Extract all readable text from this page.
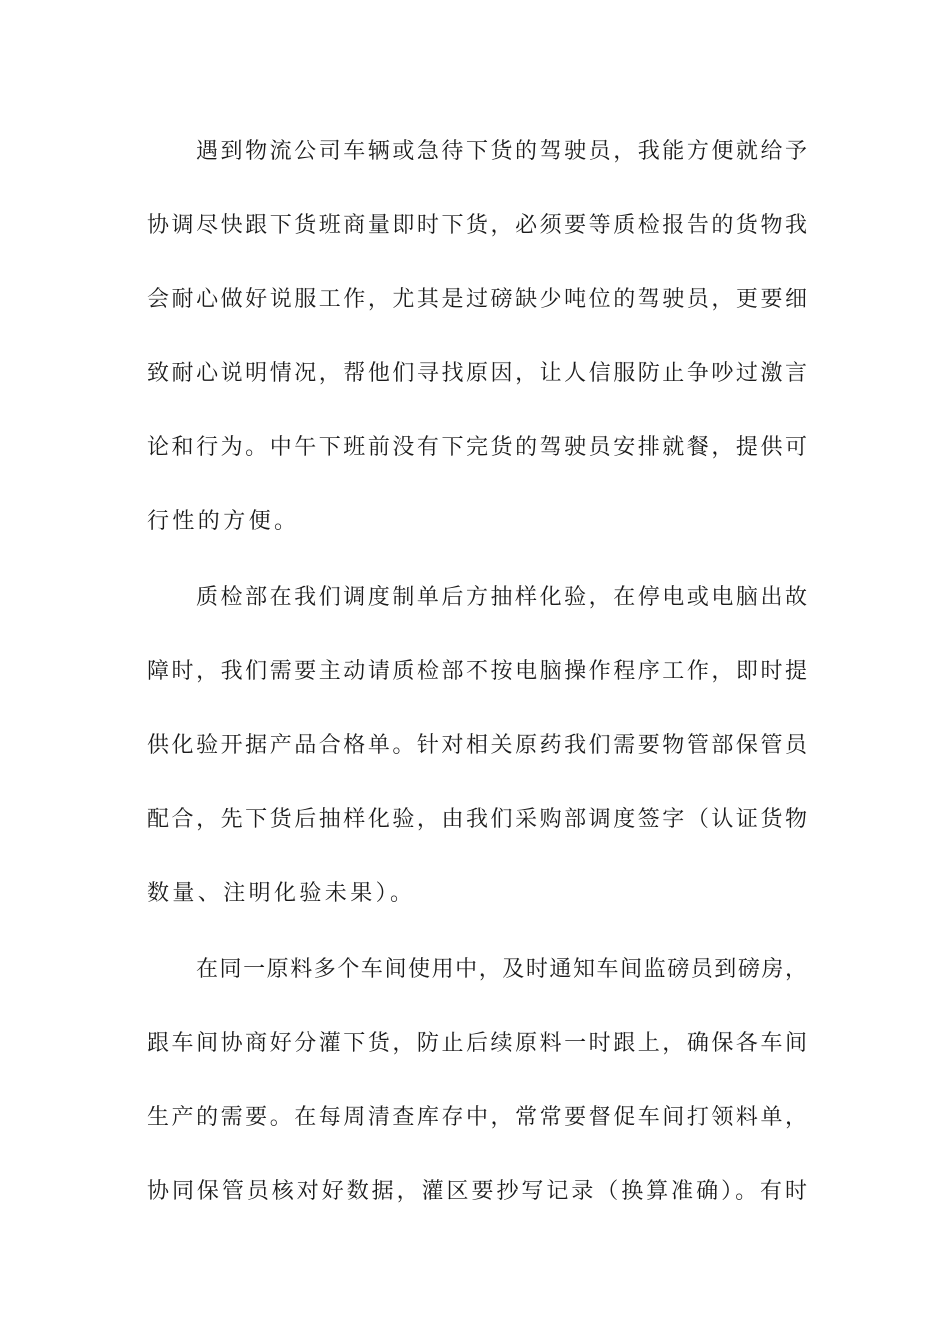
遇到物流公司车辆或急待下货的驾驶员，我能方便就给予
协调尽快跟下货班商量即时下货，必须要等质检报告的货物我
会耐心做好说服工作，尤其是过磅缺少吨位的驾驶员，更要细
致耐心说明情况，帮他们寻找原因，让人信服防止争吵过激言
论和行为。中午下班前没有下完货的驾驶员安排就餐，提供可
行性的方便。
质检部在我们调度制单后方抽样化验，在停电或电脑出故
障时，我们需要主动请质检部不按电脑操作程序工作，即时提
供化验开据产品合格单。针对相关原药我们需要物管部保管员
配合，先下货后抽样化验，由我们采购部调度签字（认证货物
数量、注明化验未果）。
在同一原料多个车间使用中，及时通知车间监磅员到磅房，
跟车间协商好分灌下货，防止后续原料一时跟上，确保各车间
生产的需要。在每周清查库存中，常常要督促车间打领料单，
协同保管员核对好数据，灌区要抄写记录（换算准确）。有时
